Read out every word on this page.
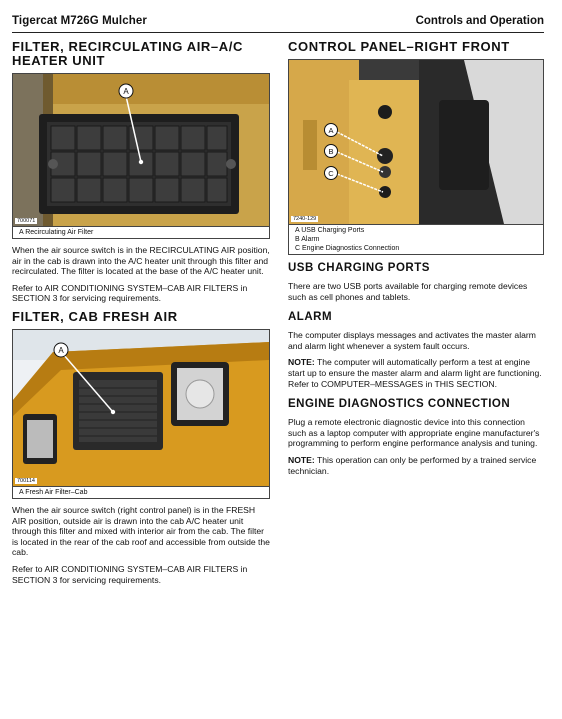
Tigercat M726G Mulcher	Controls and Operation
FILTER, RECIRCULATING AIR–A/C HEATER UNIT
A
700071
A Recirculating Air Filter
When the air source switch is in the RECIRCULATING AIR position, air in the cab is drawn into the A/C heater unit through this filter and recirculated. The filter is located at the base of the A/C heater unit.
Refer to AIR CONDITIONING SYSTEM–CAB AIR FILTERS in SECTION 3 for servicing requirements.
FILTER, CAB FRESH AIR
A
700114
A Fresh Air Filter–Cab
When the air source switch (right control panel) is in the FRESH AIR position, outside air is drawn into the cab A/C heater unit through this filter and mixed with interior air from the cab. The filter is located in the rear of the cab roof and accessible from outside the cab.
Refer to AIR CONDITIONING SYSTEM–CAB AIR FILTERS in SECTION 3 for servicing requirements.
CONTROL PANEL–RIGHT FRONT
A
B
C
7240-129
A USB Charging Ports
B Alarm
C Engine Diagnostics Connection
USB CHARGING PORTS
There are two USB ports available for charging remote devices such as cell phones and tablets.
ALARM
The computer displays messages and activates the master alarm and alarm light whenever a system fault occurs.
NOTE: The computer will automatically perform a test at engine start up to ensure the master alarm and alarm light are functioning. Refer to COMPUTER–MESSAGES in THIS SECTION.
ENGINE DIAGNOSTICS CONNECTION
Plug a remote electronic diagnostic device into this connection such as a laptop computer with appropriate engine manufacturer's programming to perform engine performance analysis and tuning.
NOTE: This operation can only be performed by a trained service technician.
